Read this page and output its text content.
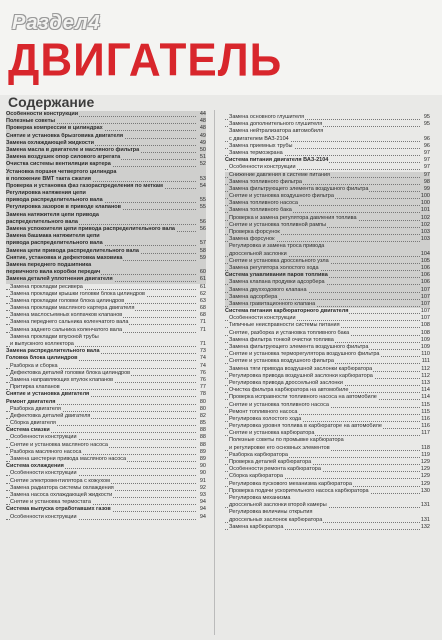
Раздел4
ДВИГАТЕЛЬ
Содержание
Особенности конструкции	44
Полезные советы	48
Проверка компрессии в цилиндрах	48
Снятие и установка брызговика двигателя	49
Замена охлаждающей жидкости	49
Замена масла в двигателе и масляного фильтра	50
Замена воздушек опор силового агрегата	51
Очистка системы вентиляции картера	52
Установка поршня четвертого цилиндра
в положение ВМТ такта сжатия	53
Проверка и установка фаз газораспределения по меткам	54
Регулировка натяжения цепи
привода распределительного вала	55
Регулировка зазоров в приводе клапанов	55
Замена натяжителя цепи привода
распределительного вала	56
Замена успокоителя цепи привода распределительного вала	56
Замена башмака натяжителя цепи
привода распределительного вала	57
Замена цепи привода распределительного вала	58
Снятие, установка и дефектовка маховика	59
Замена переднего подшипника
первичного вала коробки передач	60
Замена деталей уплотнения двигателя	61
Замена прокладки ресивера	61
Замена прокладки крышки головки блока цилиндров	62
Замена прокладки головки блока цилиндров	63
Замена прокладки масляного картера двигателя	68
Замена маслосъемных колпачков клапанов	68
Замена переднего сальника коленчатого вала	71
Замена заднего сальника коленчатого вала	71
Замена прокладки впускной трубы
и выпускного коллектора	71
Замена распределительного вала	73
Головка блока цилиндров	74
Разборка и сборка	74
Дефектовка деталей головки блока цилиндров	76
Замена направляющих втулок клапанов	76
Притирка клапанов	77
Снятие и установка двигателя	78
Ремонт двигателя	80
Разборка двигателя	80
Дефектовка деталей двигателя	82
Сборка двигателя	85
Система смазки	88
Особенности конструкции	88
Снятие и установка масляного насоса	88
Разборка масляного насоса	89
Замена шестерни привода масляного насоса	89
Система охлаждения	90
Особенности конструкции	90
Снятие электровентилятора с кожухом	91
Замена радиатора системы охлаждения	92
Замена насоса охлаждающей жидкости	93
Снятие и установка термостата	94
Система выпуска отработавших газов	94
Особенности конструкции	94
Замена основного глушителя	95
Замена дополнительного глушителя	95
Замена нейтрализатора автомобиля
с двигателем ВАЗ-2104	96
Замена приемных трубы	96
Замена термоэкрана	97
Система питания двигателя ВАЗ-2104	97
Особенности конструкции	97
Снижение давления в системе питания	97
Замена топливного фильтра	98
Замена фильтрующего элемента воздушного фильтра	99
Снятие и установка воздушного фильтра	100
Замена топливного насоса	100
Замена топливного бака	101
Проверка и замена регулятора давления топлива	102
Снятие и установка топливной рампы	102
Проверка форсунок	103
Замена форсунок	103
Регулировка и замена троса привода
дроссельной заслонки	104
Снятие и установка дроссельного узла	105
Замена регулятора холостого хода	106
Система улавливания паров топлива	106
Замена клапана продувки адсорбера	106
Замена двухходового клапана	107
Замена адсорбера	107
Замена гравитационного клапана	107
Система питания карбюраторного двигателя	107
Особенности конструкции	107
Типичные неисправности системы питания	108
Снятие, разборка и установка топливного бака	108
Замена фильтра тонкой очистки топлива	109
Замена фильтрующего элемента воздушного фильтра	109
Снятие и установка терморегулятора воздушного фильтра	110
Снятие и установка воздушного фильтра	111
Замена тяги привода воздушной заслонки карбюратора	112
Регулировка привода воздушной заслонки карбюратора	112
Регулировка привода дроссельной заслонки	113
Очистка фильтра карбюратора на автомобиле	114
Проверка исправности топливного насоса на автомобиле	114
Снятие и установка топливного насоса	115
Ремонт топливного насоса	115
Регулировка холостого хода	116
Регулировка уровня топлива в карбюраторе на автомобиле	116
Снятие и установка карбюратора	117
Полезные советы по промывке карбюратора
и регулировке его основных элементов	118
Разборка карбюратора	119
Проверка деталей карбюратора	129
Особенности ремонта карбюратора	129
Сборка карбюратора	129
Регулировка пускового механизма карбюратора	129
Проверка подачи ускорительного насоса карбюратора	130
Регулировка механизма
дроссельной заслонки второй камеры	131
Регулировка величины открытия
дроссельных заслонок карбюратора	131
Замена карбюратора	132
